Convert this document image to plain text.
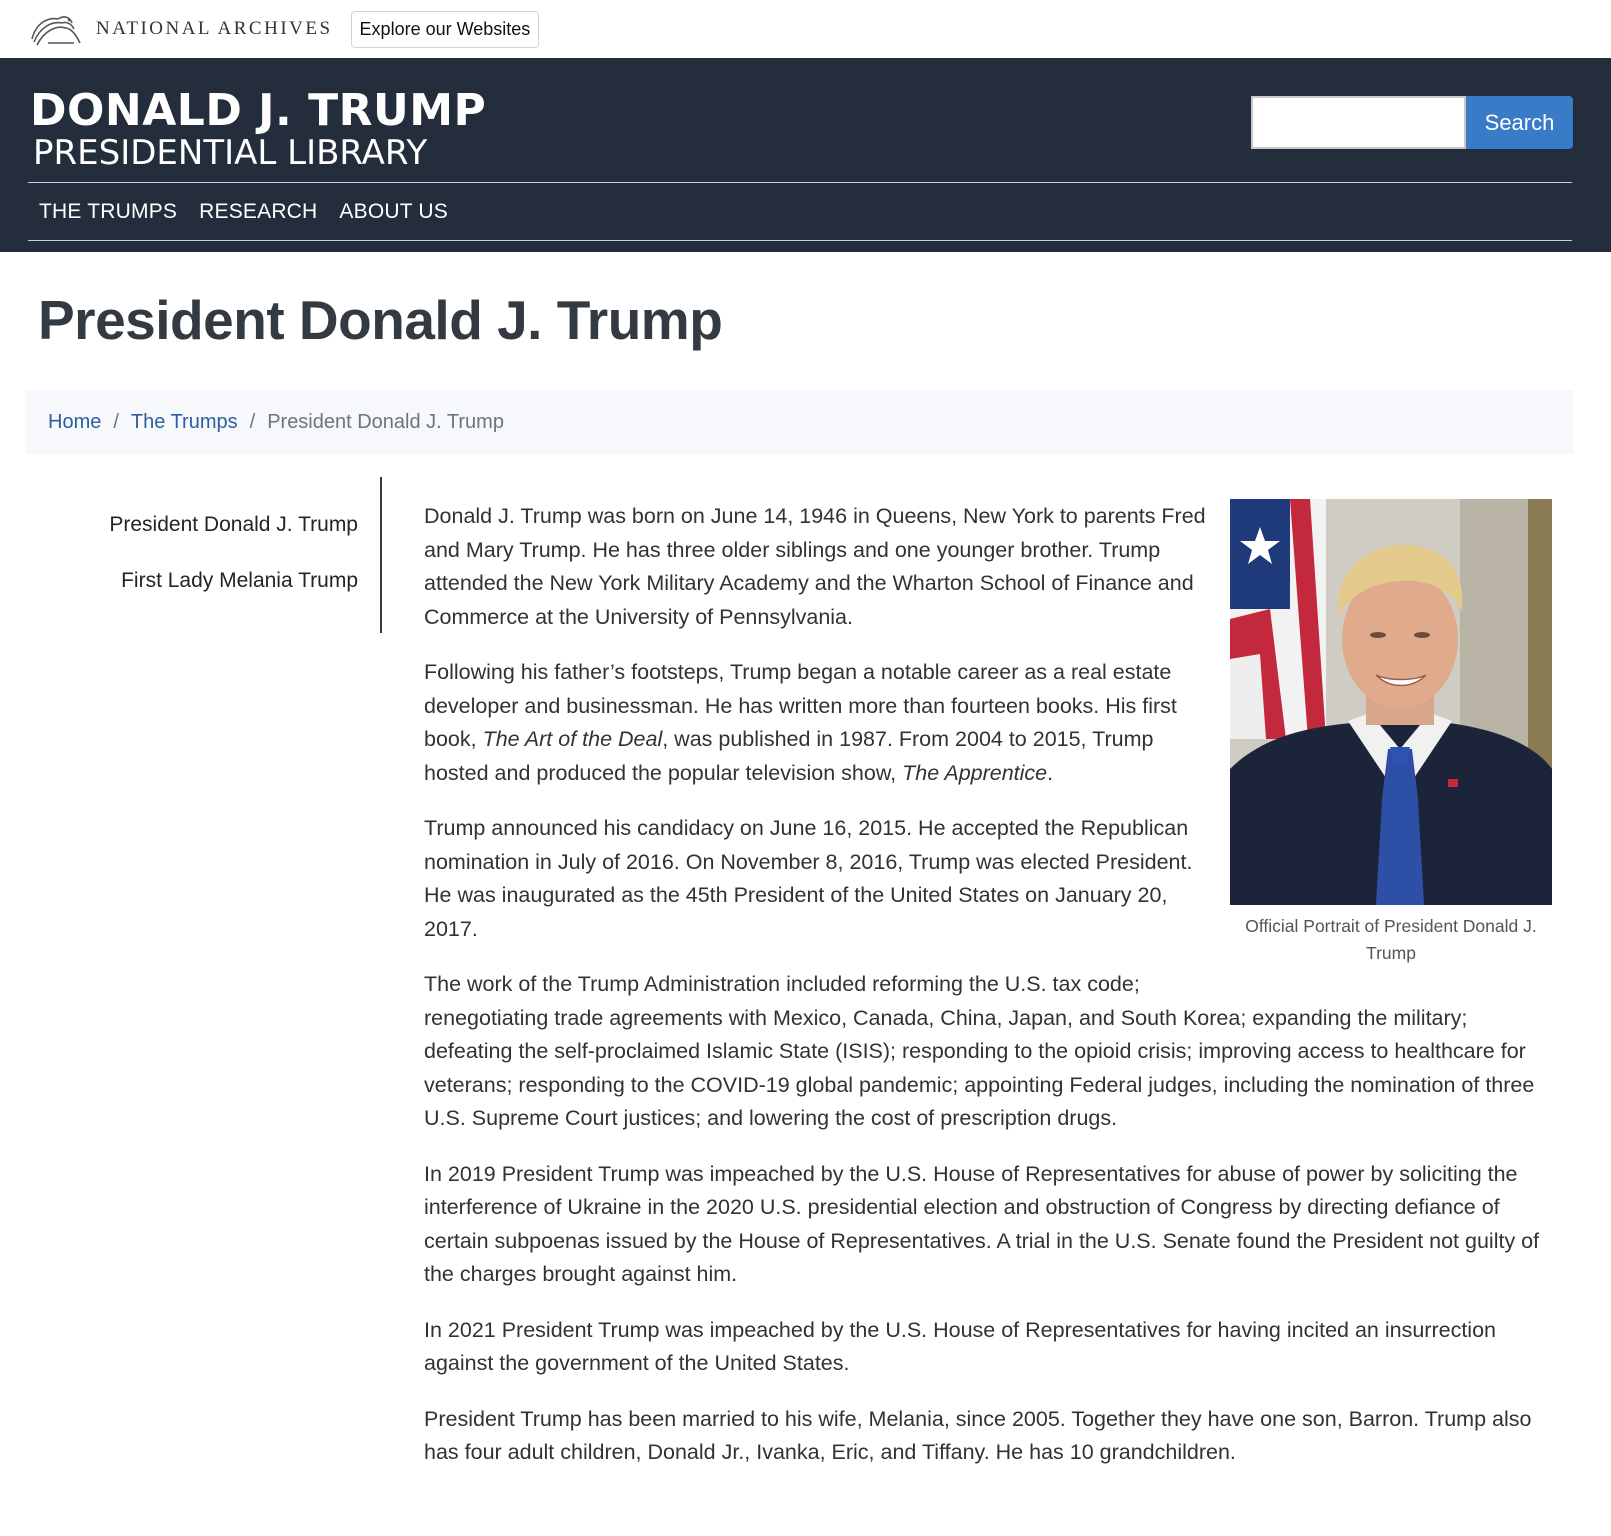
NATIONAL ARCHIVES	Explore our Websites
DONALD J. TRUMP
PRESIDENTIAL LIBRARY
Search
THE TRUMPS	RESEARCH	ABOUT US
President Donald J. Trump
Home / The Trumps / President Donald J. Trump
President Donald J. Trump
First Lady Melania Trump
Official Portrait of President Donald J. Trump

Donald J. Trump was born on June 14, 1946 in Queens, New York to parents Fred and Mary Trump. He has three older siblings and one younger brother. Trump attended the New York Military Academy and the Wharton School of Finance and Commerce at the University of Pennsylvania.

Following his father’s footsteps, Trump began a notable career as a real estate developer and businessman. He has written more than fourteen books. His first book, The Art of the Deal, was published in 1987. From 2004 to 2015, Trump hosted and produced the popular television show, The Apprentice.

Trump announced his candidacy on June 16, 2015. He accepted the Republican nomination in July of 2016. On November 8, 2016, Trump was elected President. He was inaugurated as the 45th President of the United States on January 20, 2017.

The work of the Trump Administration included reforming the U.S. tax code; renegotiating trade agreements with Mexico, Canada, China, Japan, and South Korea; expanding the military; defeating the self-proclaimed Islamic State (ISIS); responding to the opioid crisis; improving access to healthcare for veterans; responding to the COVID-19 global pandemic; appointing Federal judges, including the nomination of three U.S. Supreme Court justices; and lowering the cost of prescription drugs.

In 2019 President Trump was impeached by the U.S. House of Representatives for abuse of power by soliciting the interference of Ukraine in the 2020 U.S. presidential election and obstruction of Congress by directing defiance of certain subpoenas issued by the House of Representatives. A trial in the U.S. Senate found the President not guilty of the charges brought against him.

In 2021 President Trump was impeached by the U.S. House of Representatives for having incited an insurrection against the government of the United States.

President Trump has been married to his wife, Melania, since 2005. Together they have one son, Barron. Trump also has four adult children, Donald Jr., Ivanka, Eric, and Tiffany. He has 10 grandchildren.
